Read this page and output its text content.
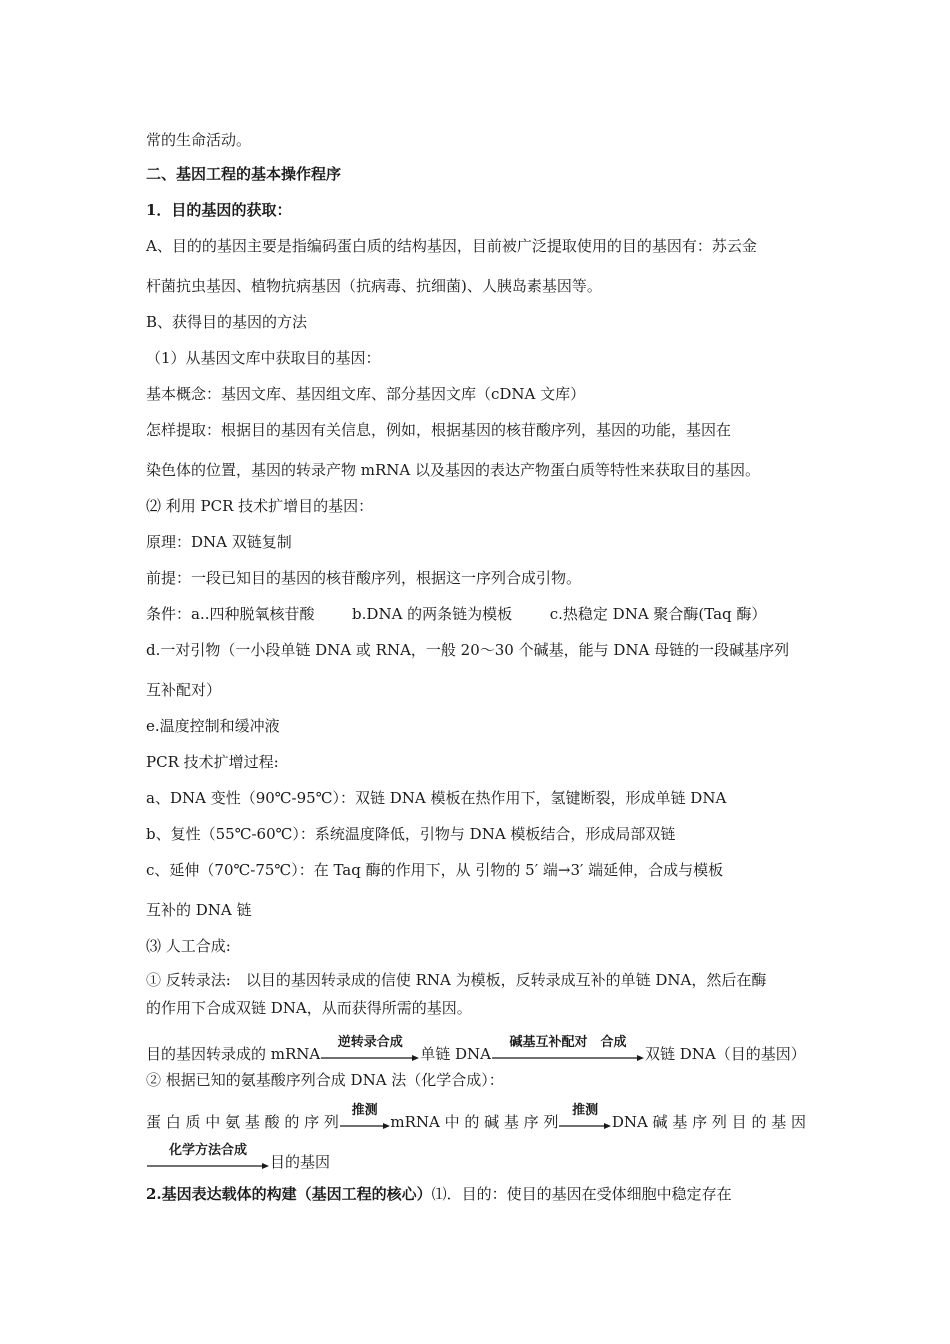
常的生命活动。
二、基因工程的基本操作程序
1．目的基因的获取：
A、目的的基因主要是指编码蛋白质的结构基因，目前被广泛提取使用的目的基因有：苏云金
杆菌抗虫基因、植物抗病基因（抗病毒、抗细菌)、人胰岛素基因等。
B、获得目的基因的方法
（1）从基因文库中获取目的基因：
基本概念：基因文库、基因组文库、部分基因文库（cDNA 文库）
怎样提取：根据目的基因有关信息，例如，根据基因的核苷酸序列，基因的功能，基因在
染色体的位置，基因的转录产物 mRNA 以及基因的表达产物蛋白质等特性来获取目的基因。
⑵ 利用 PCR 技术扩增目的基因：
原理：DNA 双链复制
前提：一段已知目的基因的核苷酸序列，根据这一序列合成引物。
条件：a..四种脱氧核苷酸	b.DNA 的两条链为模板	c.热稳定 DNA 聚合酶(Taq 酶）
d.一对引物（一小段单链 DNA 或 RNA，一般 20～30 个碱基，能与 DNA 母链的一段碱基序列
互补配对）
e.温度控制和缓冲液
PCR 技术扩增过程:
a、DNA 变性（90℃-95℃）：双链 DNA 模板在热作用下，氢键断裂，形成单链 DNA
b、复性（55℃-60℃）：系统温度降低，引物与 DNA 模板结合，形成局部双链
c、延伸（70℃-75℃）：在 Taq 酶的作用下，从 引物的 5′ 端→3′ 端延伸，合成与模板
互补的 DNA 链
⑶ 人工合成:
① 反转录法:　以目的基因转录成的信使 RNA 为模板，反转录成互补的单链 DNA，然后在酶
的作用下合成双链 DNA，从而获得所需的基因。
目的基因转录成的 mRNA
逆转录合成
单链 DNA
碱基互补配对　合成
双链 DNA（目的基因）
② 根据已知的氨基酸序列合成 DNA 法（化学合成）：
蛋 白 质 中 氨 基 酸 的 序 列
推测
mRNA 中 的 碱 基 序 列
推测
DNA 碱 基 序 列 目 的 基 因
化学方法合成
目的基因
2.基因表达载体的构建（基因工程的核心）⑴．目的：使目的基因在受体细胞中稳定存在
